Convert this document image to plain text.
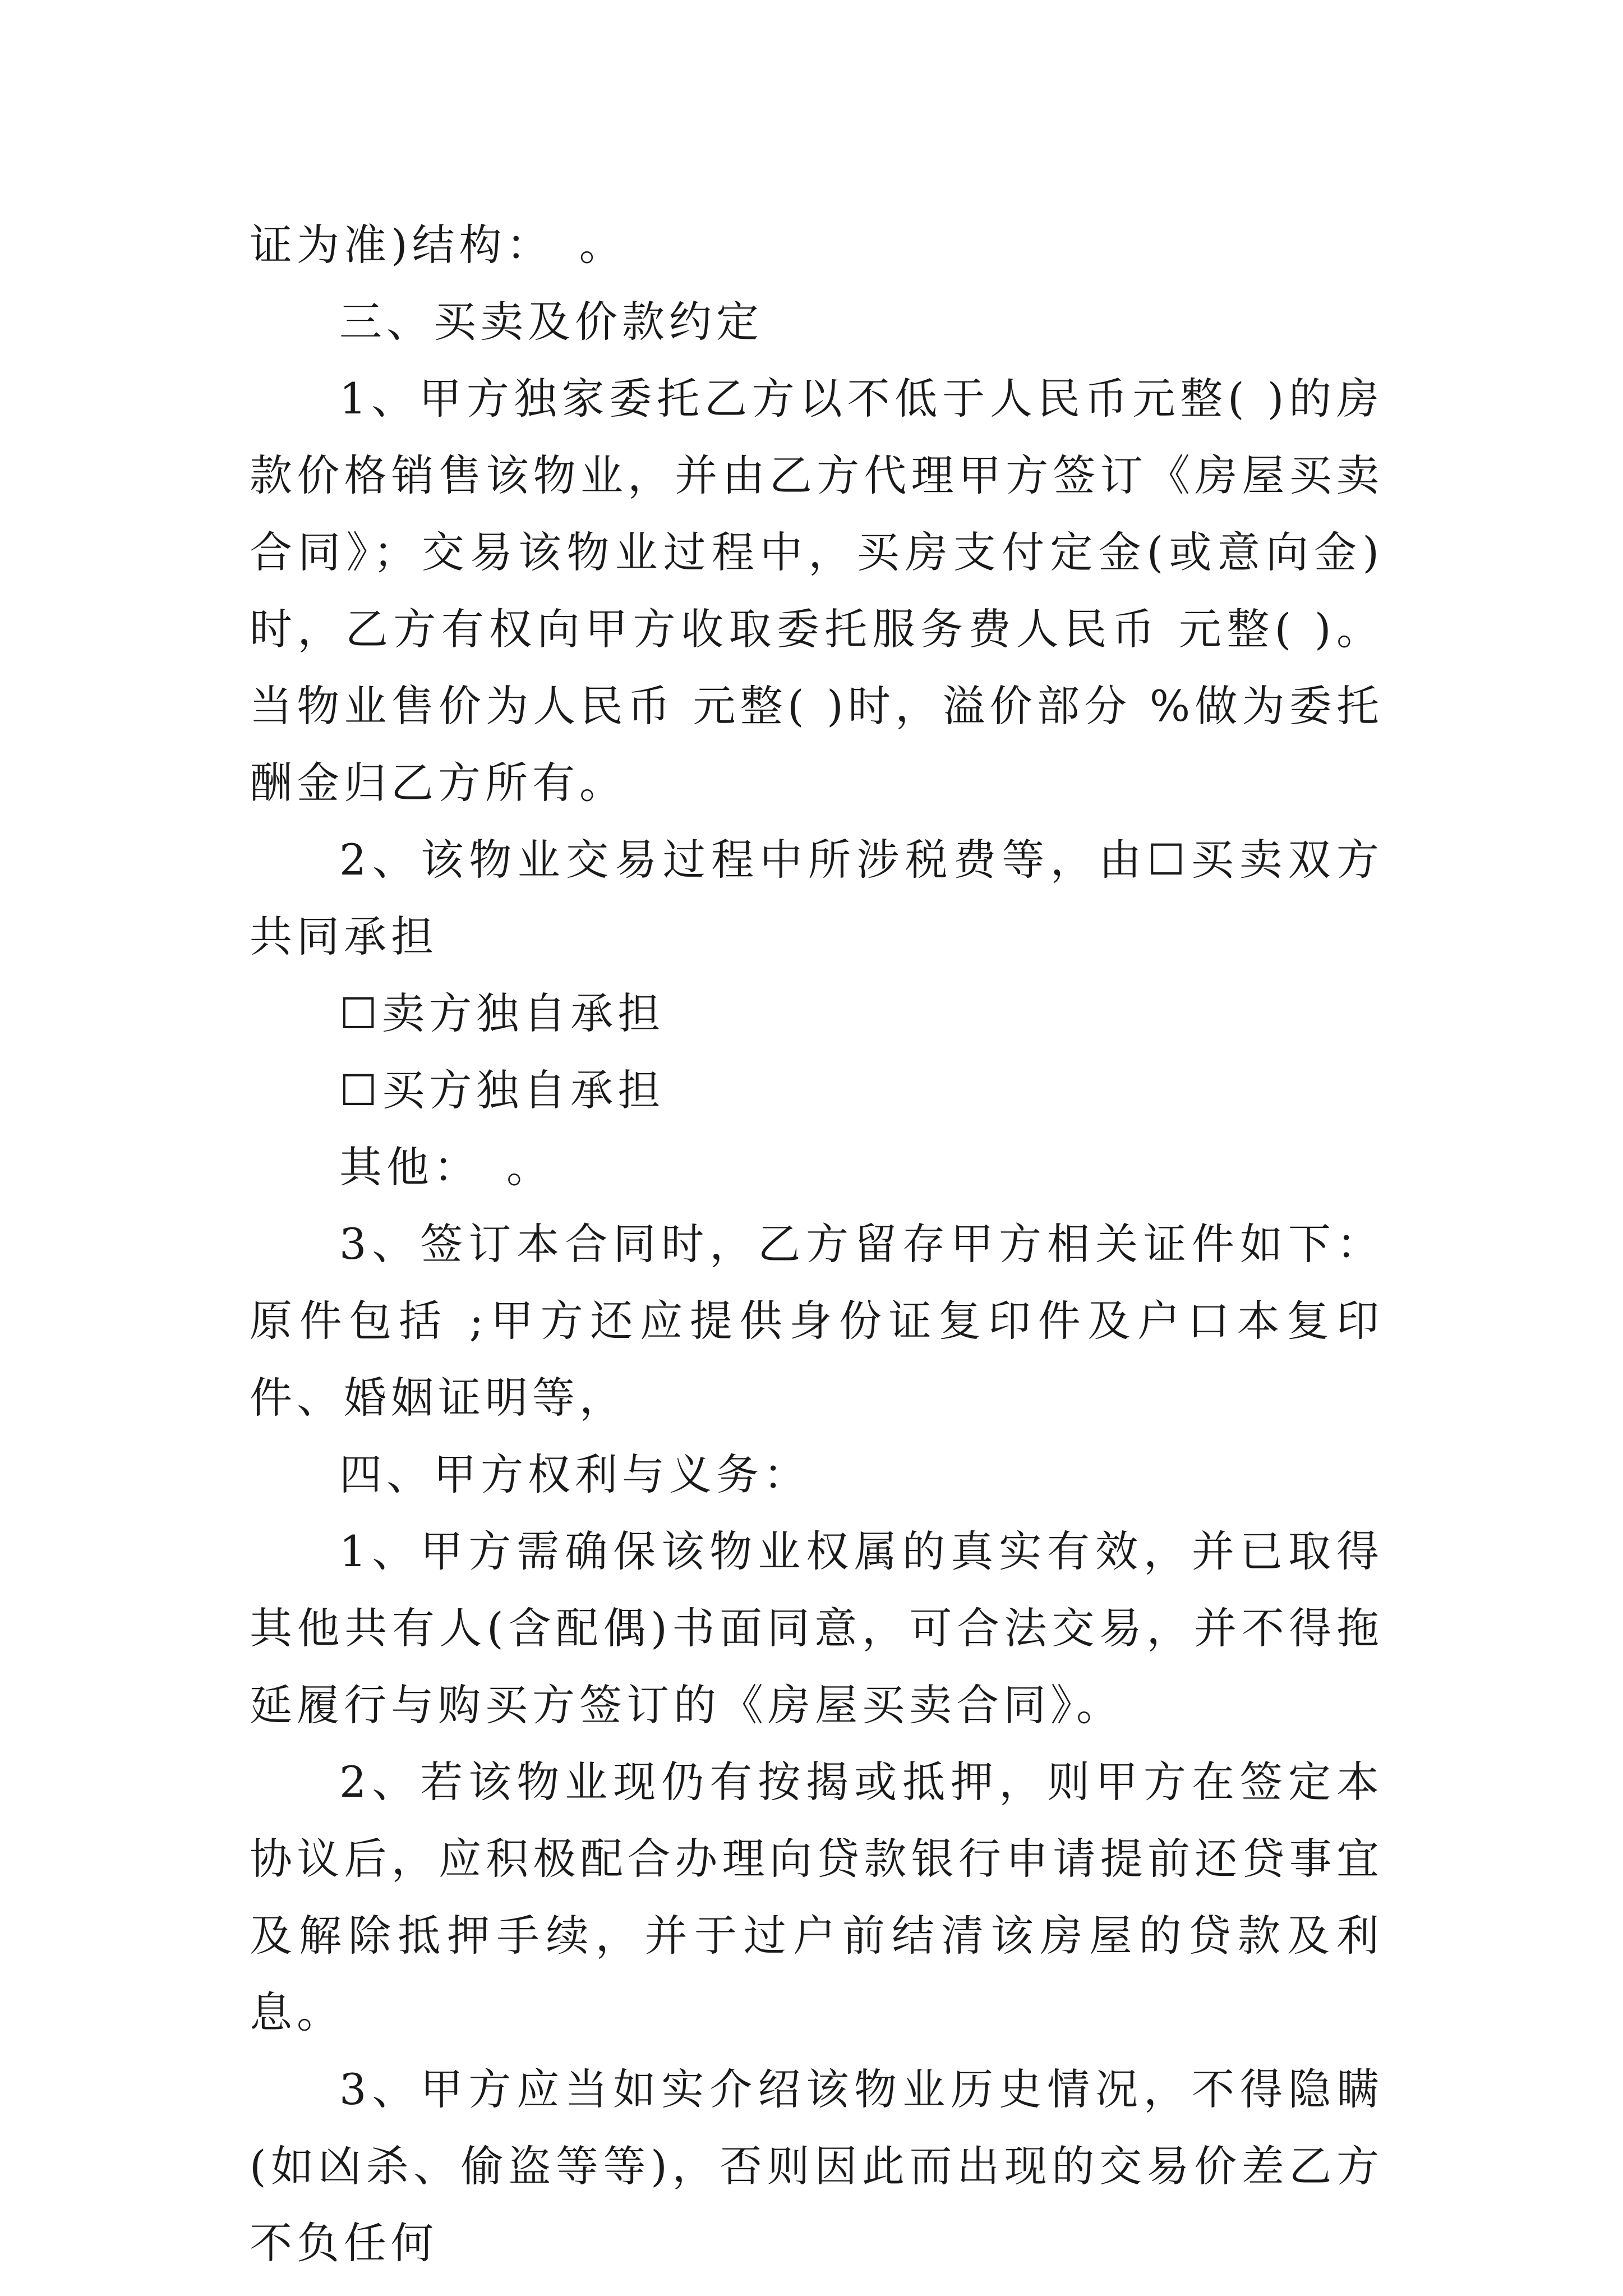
证为准)结构：　。

三、买卖及价款约定

1、甲方独家委托乙方以不低于人民币元整( )的房款价格销售该物业，并由乙方代理甲方签订《房屋买卖合同》；交易该物业过程中，买房支付定金(或意向金)时，乙方有权向甲方收取委托服务费人民币 元整( )。当物业售价为人民币 元整( )时，溢价部分 %做为委托酬金归乙方所有。

2、该物业交易过程中所涉税费等，由☐买卖双方共同承担

☐卖方独自承担

☐买方独自承担

其他：　。

3、签订本合同时，乙方留存甲方相关证件如下：原件包括 ;甲方还应提供身份证复印件及户口本复印件、婚姻证明等，

四、甲方权利与义务：

1、甲方需确保该物业权属的真实有效，并已取得其他共有人(含配偶)书面同意，可合法交易，并不得拖延履行与购买方签订的《房屋买卖合同》。

2、若该物业现仍有按揭或抵押，则甲方在签定本协议后，应积极配合办理向贷款银行申请提前还贷事宜及解除抵押手续，并于过户前结清该房屋的贷款及利息。

3、甲方应当如实介绍该物业历史情况，不得隐瞒(如凶杀、偷盗等等)，否则因此而出现的交易价差乙方不负任何
